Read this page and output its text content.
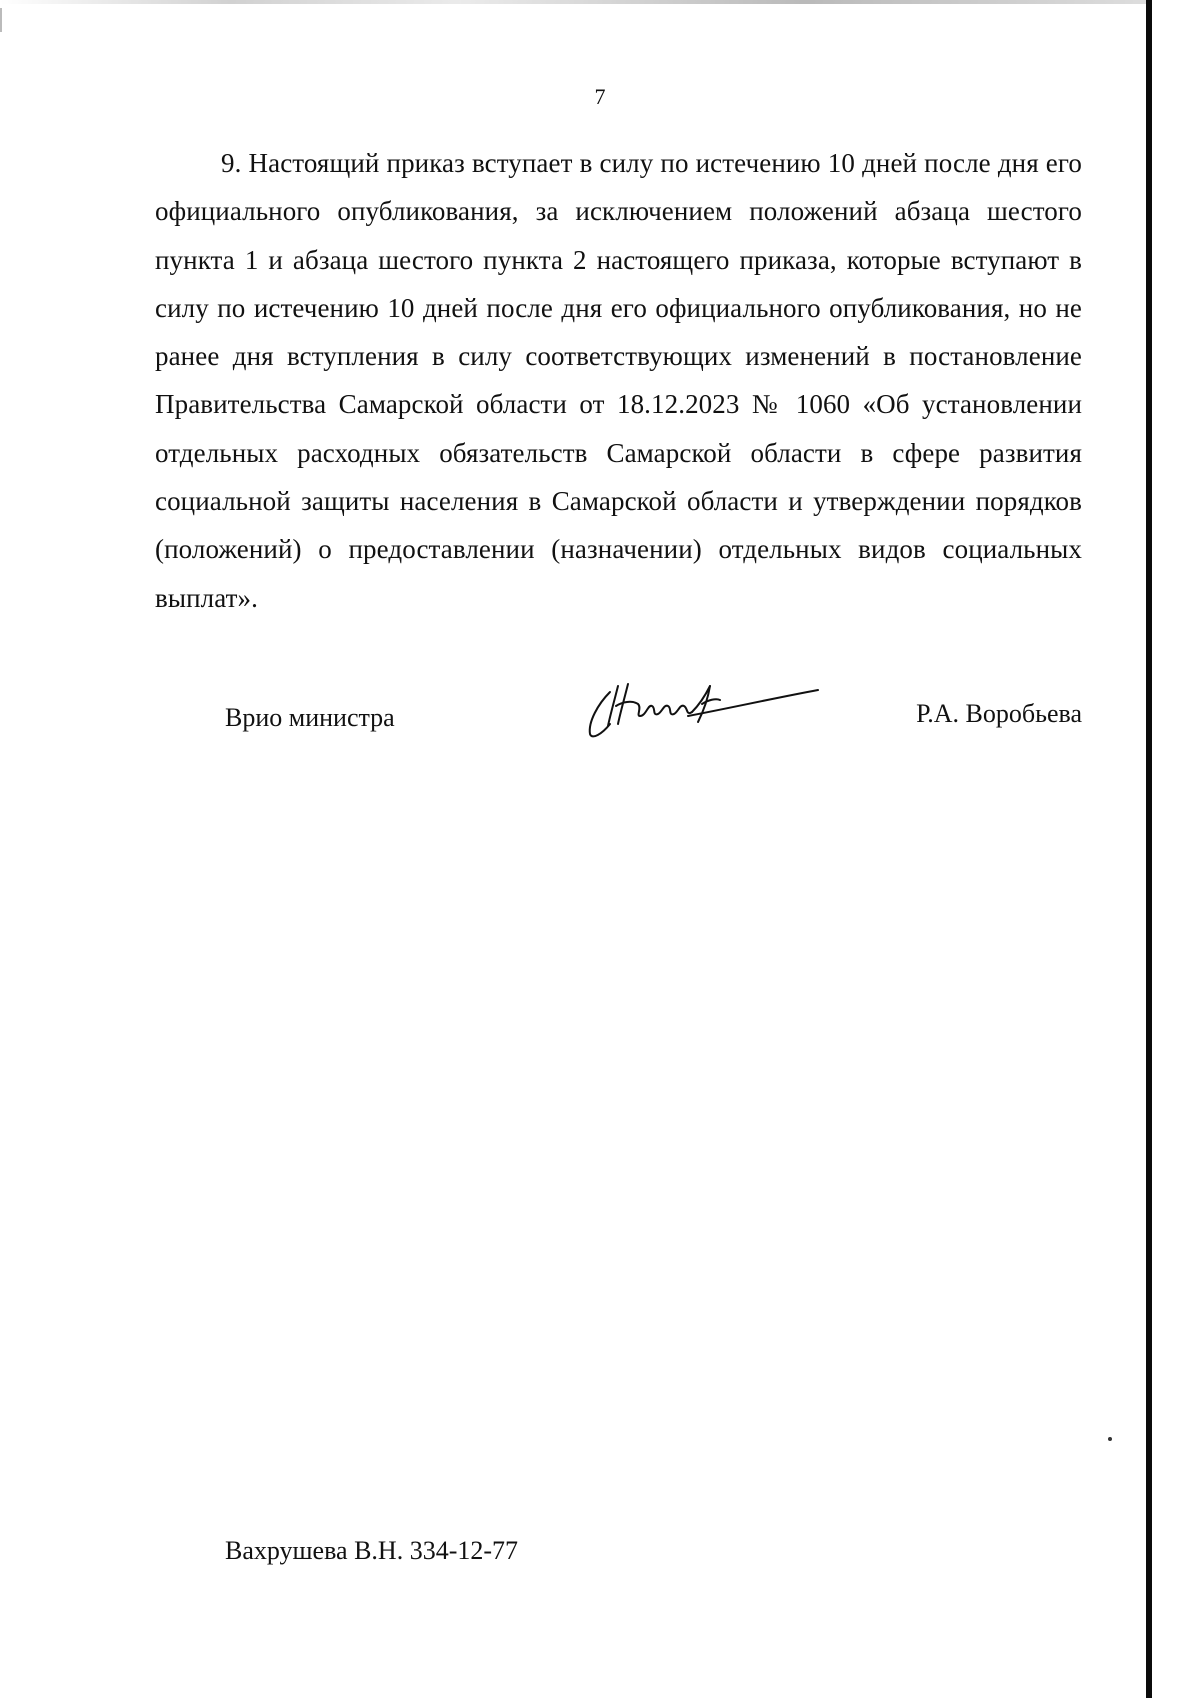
7

9. Настоящий приказ вступает в силу по истечению 10 дней после дня его официального опубликования, за исключением положений абзаца шестого пункта 1 и абзаца шестого пункта 2 настоящего приказа, которые вступают в силу по истечению 10 дней после дня его официального опубликования, но не ранее дня вступления в силу соответствующих изменений в постановление Правительства Самарской области от 18.12.2023 № 1060 «Об установлении отдельных расходных обязательств Самарской области в сфере развития социальной защиты населения в Самарской области и утверждении порядков (положений) о предоставлении (назначении) отдельных видов социальных выплат».

Врио министра	Р.А. Воробьева
Вахрушева В.Н. 334-12-77
